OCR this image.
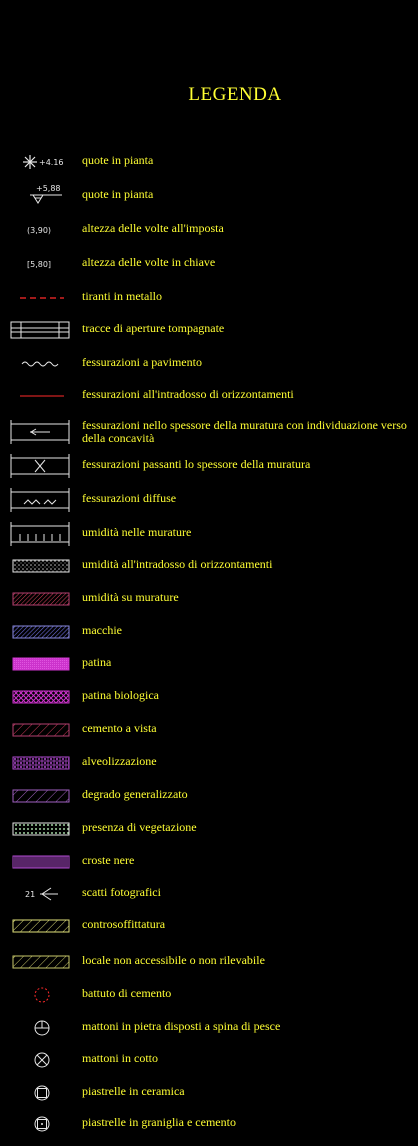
LEGENDA
+4.16 quote in pianta
+5,88 quote in pianta
(3,90)	altezza delle volte all'imposta
[5,80]	altezza delle volte in chiave
tiranti in metallo
tracce di aperture tompagnate
fessurazioni a pavimento
fessurazioni all'intradosso di orizzontamenti
fessurazioni nello spessore della muratura con individuazione verso della concavità
fessurazioni passanti lo spessore della muratura
fessurazioni diffuse
umidità nelle murature
umidità all'intradosso di orizzontamenti
umidità su murature
macchie
patina
patina biologica
cemento a vista
alveolizzazione
degrado generalizzato
presenza di vegetazione
croste nere
21	scatti fotografici
controsoffittatura
locale non accessibile o non rilevabile
battuto di cemento
mattoni in pietra disposti a spina di pesce
mattoni in cotto
piastrelle in ceramica
piastrelle in graniglia e cemento
